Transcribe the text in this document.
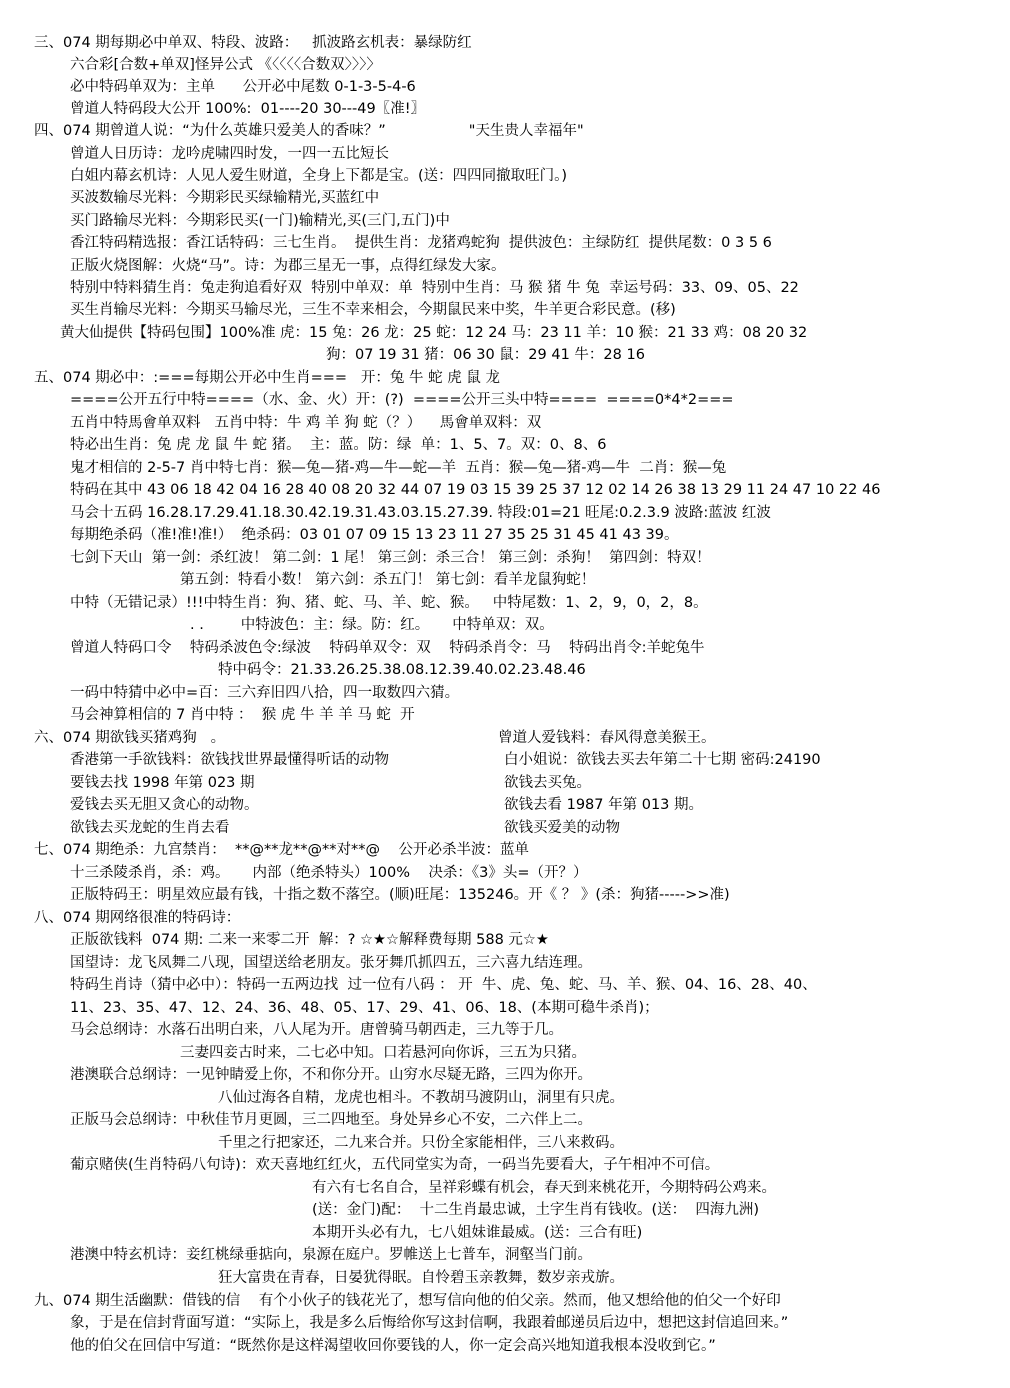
三、074 期每期必中单双、特段、波路：   抓波路玄机表：暴绿防红
六合彩[合数+单双]怪异公式 《〈〈〈〈合数双〉〉〉〉
必中特码单双为：主单      公开必中尾数 0-1-3-5-4-6
曾道人特码段大公开 100%:  01----20 30---49〖准!〗
四、074 期曾道人说：“为什么英雄只爱美人的香味？”                  "天生贵人幸福年"
曾道人日历诗：龙吟虎啸四时发，一四一五比短长
白姐内幕玄机诗：人见人爱生财道，全身上下都是宝。(送：四四同撤取旺门。)
买波数输尽光料：今期彩民买绿输精光,买蓝红中
买门路输尽光料：今期彩民买(一门)输精光,买(三门,五门)中
香江特码精选报：香江话特码：三七生肖。  提供生肖：龙猪鸡蛇狗  提供波色：主绿防红  提供尾数：0 3 5 6
正版火烧图解：火烧“马”。诗：为郡三星无一事，点得红绿发大家。
特别中特料猜生肖：兔走狗追看好双  特别中单双：单  特别中生肖：马 猴 猪 牛 兔  幸运号码：33、09、05、22
买生肖输尽光料：今期买马输尽光，三生不幸来相会，今期鼠民来中奖，牛羊更合彩民意。(移)
黄大仙提供【特码包围】100%准 虎：15 兔：26 龙：25 蛇：12 24 马：23 11 羊：10 猴：21 33 鸡：08 20 32
狗：07 19 31 猪：06 30 鼠：29 41 牛：28 16
五、074 期必中：:===每期公开必中生肖===   开：兔 牛 蛇 虎 鼠 龙
====公开五行中特====（水、金、火）开：(?)  ====公开三头中特====  ====0*4*2===
五肖中特馬會单双料   五肖中特：牛 鸡 羊 狗 蛇（？）    馬會单双料：双
特必出生肖：兔 虎 龙 鼠 牛 蛇 猪。  主：蓝。防：绿  单：1、5、7。双：0、8、6
鬼才相信的 2-5-7 肖中特七肖：猴—兔—猪-鸡—牛—蛇—羊  五肖：猴—兔—猪-鸡—牛  二肖：猴—兔
特码在其中 43 06 18 42 04 16 28 40 08 20 32 44 07 19 03 15 39 25 37 12 02 14 26 38 13 29 11 24 47 10 22 46
马会十五码 16.28.17.29.41.18.30.42.19.31.43.03.15.27.39. 特段:01=21 旺尾:0.2.3.9 波路:蓝波 红波
每期绝杀码（准!准!准!）  绝杀码：03 01 07 09 15 13 23 11 27 35 25 31 45 41 43 39。
七剑下天山  第一剑：杀红波！ 第二剑：1 尾！ 第三剑：杀三合！ 第三剑：杀狗！  第四剑：特双！
第五剑：特看小数！ 第六剑：杀五门！ 第七剑：看羊龙鼠狗蛇！
中特（无错记录）!!!中特生肖：狗、猪、蛇、马、羊、蛇、猴。   中特尾数：1、2，9，0，2，8。
. .        中特波色：主：绿。防：红。     中特单双：双。
曾道人特码口令    特码杀波色令:绿波    特码单双令：双    特码杀肖令：马    特码出肖令:羊蛇兔牛
特中码令：21.33.26.25.38.08.12.39.40.02.23.48.46
一码中特猜中必中=百：三六弃旧四八拾，四一取数四六猜。
马会神算相信的 7 肖中特 ：  猴 虎 牛 羊 羊 马 蛇  开
六、074 期欲钱买猪鸡狗   。	曾道人爱钱料：春风得意美猴王。
香港第一手欲钱料：欲钱找世界最懂得听话的动物	白小姐说：欲钱去买去年第二十七期 密码:24190
要钱去找 1998 年第 023 期	欲钱去买兔。
爱钱去买无胆又贪心的动物。	欲钱去看 1987 年第 013 期。
欲钱去买龙蛇的生肖去看	欲钱买爱美的动物
七、074 期绝杀：九宫禁肖：  **@**龙**@**对**@    公开必杀半波：蓝单
十三杀陵杀肖，杀：鸡。     内部（绝杀特头）100%    决杀：《3》头=（开？）
正版特码王：明星效应最有钱，十指之数不落空。(顺)旺尾：135246。开《 ？ 》(杀：狗猪----->>准)
八、074 期网络很准的特码诗：
正版欲钱料  074 期: 二来一来零二开  解：? ☆★☆解释费每期 588 元☆★
国望诗：龙飞凤舞二八现，国望送给老朋友。张牙舞爪抓四五，三六喜九结连理。
特码生肖诗（猜中必中）：特码一五两边找  过一位有八码 ： 开  牛、虎、兔、蛇、马、羊、猴、04、16、28、40、
11、23、35、47、12、24、36、48、05、17、29、41、06、18、(本期可稳牛杀肖)；
马会总纲诗：水落石出明白来，八人尾为开。唐曾骑马朝西走，三九等于几。
三妻四妾古时来，二七必中知。口若悬河向你诉，三五为只猪。
港澳联合总纲诗：一见钟睛爱上你，不和你分开。山穷水尽疑无路，三四为你开。
八仙过海各自精，龙虎也相斗。不教胡马渡阴山，洞里有只虎。
正版马会总纲诗：中秋佳节月更圆，三二四地至。身处异乡心不安，二六伴上二。
千里之行把家还，二九来合并。只份全家能相伴，三八来救码。
葡京赌侠(生肖特码八句诗)：欢天喜地红红火，五代同堂实为奇，一码当先要看大，子午相冲不可信。
有六有七名自合，呈祥彩蝶有机会，春天到来桃花开，今期特码公鸡来。
(送：金门)配：  十二生肖最忠诚，土字生肖有钱收。(送：  四海九洲)
本期开头必有九，七八姐妹谁最威。(送：三合有旺)
港澳中特玄机诗：妾红桃绿垂掂向，泉源在庭户。罗帷送上七普车，洞壑当门前。
狂大富贵在青春，日晏犹得眠。自怜碧玉亲教舞，数岁亲戎旂。
九、074 期生活幽默：借钱的信    有个小伙子的钱花光了，想写信向他的伯父亲。然而，他又想给他的伯父一个好印
象，于是在信封背面写道：“实际上，我是多么后悔给你写这封信啊，我跟着邮递员后边中，想把这封信追回来。”
他的伯父在回信中写道：“既然你是这样渴望收回你要钱的人，你一定会高兴地知道我根本没收到它。”
